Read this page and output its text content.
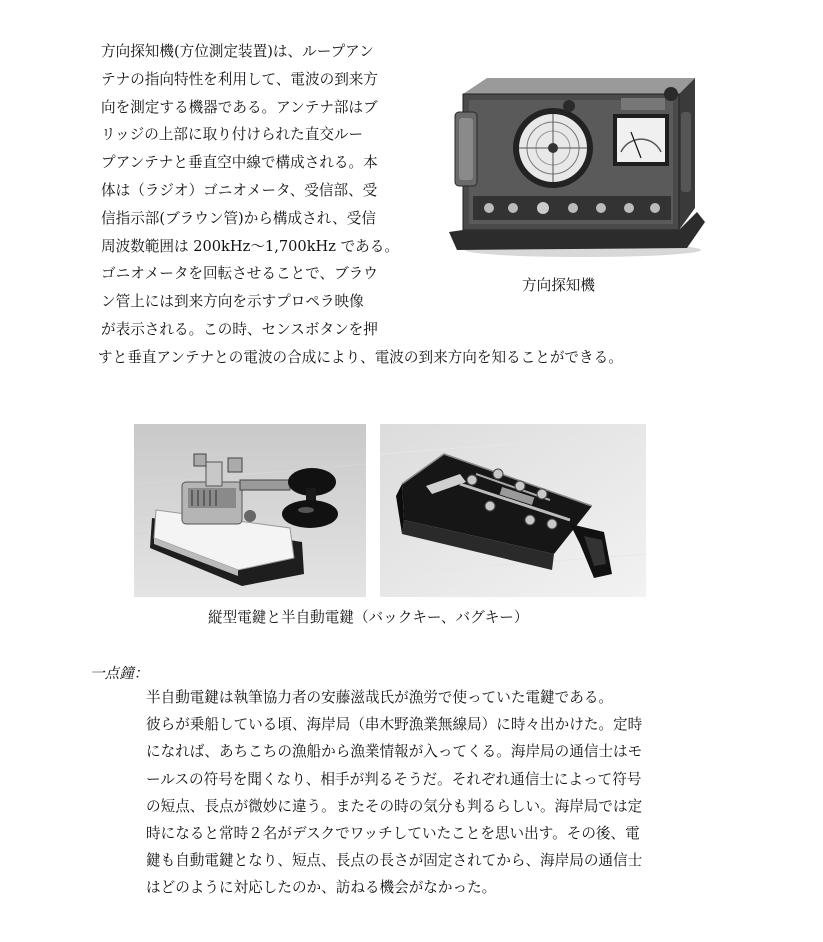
方向探知機(方位測定装置)は、ループアン
テナの指向特性を利用して、電波の到来方
向を測定する機器である。アンテナ部はブ
リッジの上部に取り付けられた直交ルー
プアンテナと垂直空中線で構成される。本
体は（ラジオ）ゴニオメータ、受信部、受
信指示部(ブラウン管)から構成され、受信
周波数範囲は 200kHz～1,700kHz である。
ゴニオメータを回転させることで、ブラウ
ン管上には到来方向を示すプロペラ映像
が表示される。この時、センスボタンを押
すと垂直アンテナとの電波の合成により、電波の到来方向を知ることができる。
方向探知機
縦型電鍵と半自動電鍵（バックキー、バグキー）
一点鐘：
半自動電鍵は執筆協力者の安藤滋哉氏が漁労で使っていた電鍵である。
彼らが乗船している頃、海岸局（串木野漁業無線局）に時々出かけた。定時
になれば、あちこちの漁船から漁業情報が入ってくる。海岸局の通信士はモ
ールスの符号を聞くなり、相手が判るそうだ。それぞれ通信士によって符号
の短点、長点が微妙に違う。またその時の気分も判るらしい。海岸局では定
時になると常時２名がデスクでワッチしていたことを思い出す。その後、電
鍵も自動電鍵となり、短点、長点の長さが固定されてから、海岸局の通信士
はどのように対応したのか、訪ねる機会がなかった。
